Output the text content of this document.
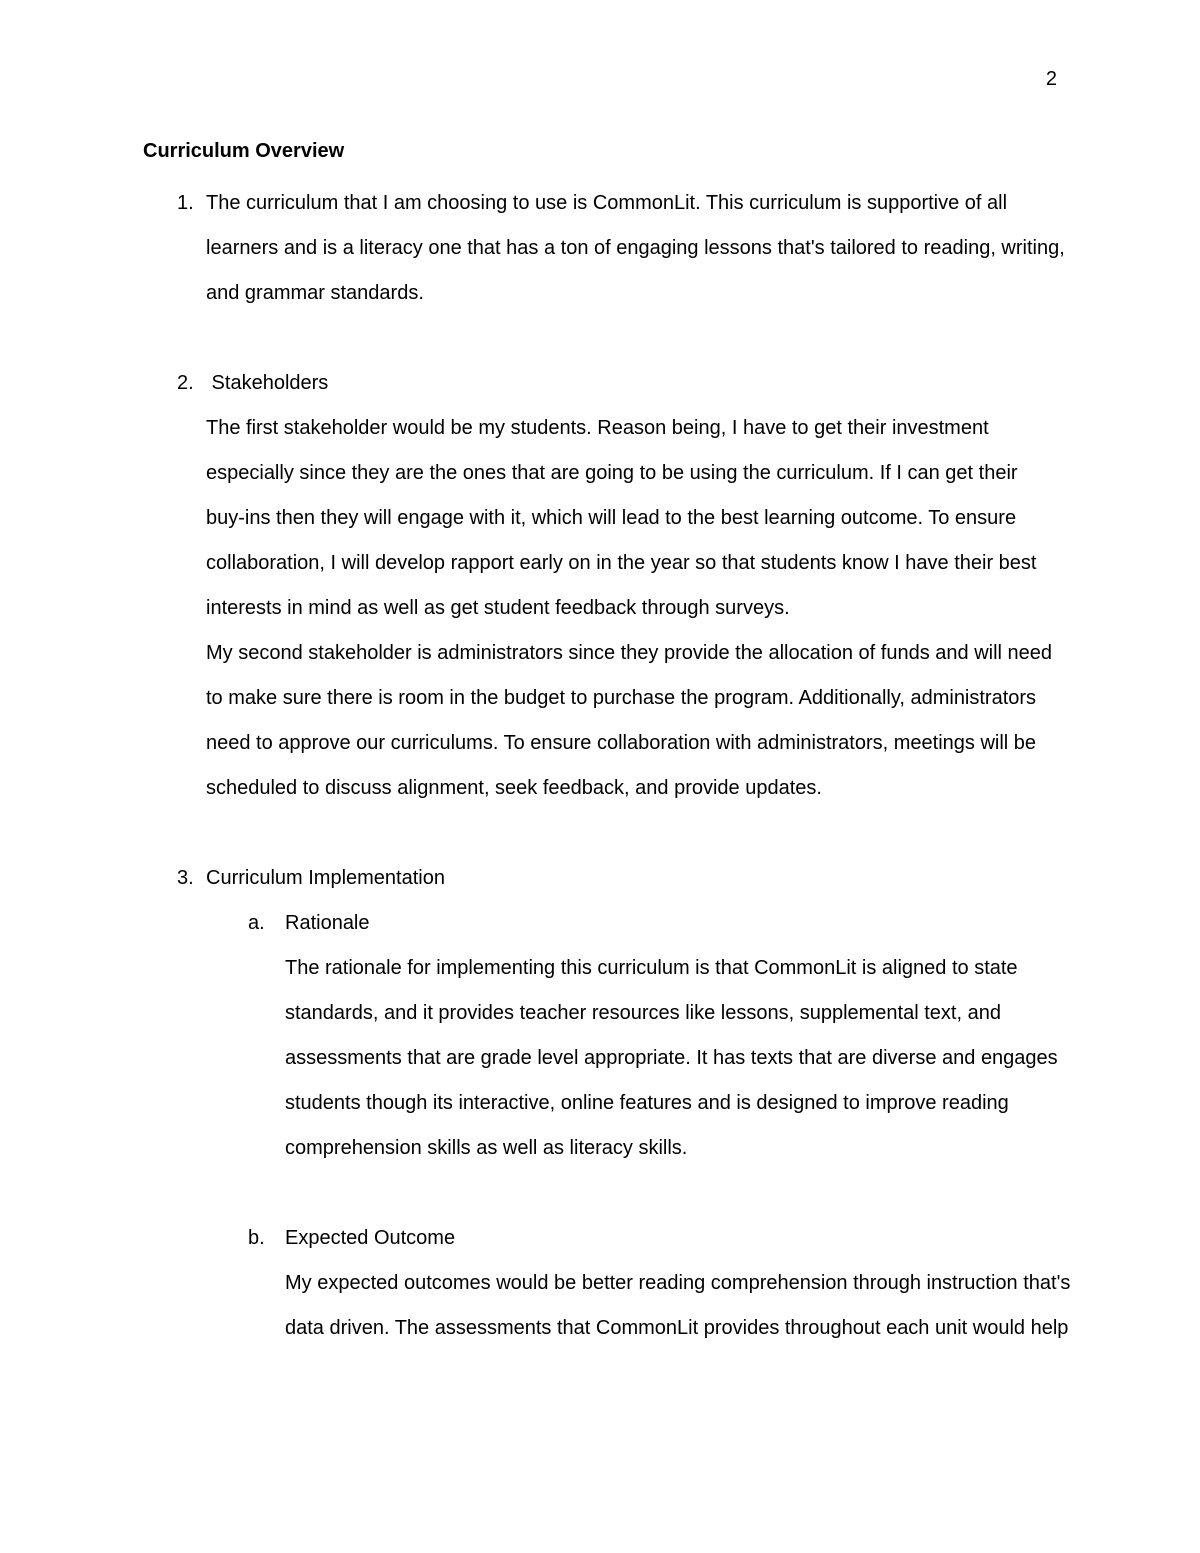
2
Curriculum Overview
1. The curriculum that I am choosing to use is CommonLit. This curriculum is supportive of all
learners and is a literacy one that has a ton of engaging lessons that's tailored to reading, writing,
and grammar standards.
2. Stakeholders
The first stakeholder would be my students. Reason being, I have to get their investment
especially since they are the ones that are going to be using the curriculum. If I can get their
buy-ins then they will engage with it, which will lead to the best learning outcome. To ensure
collaboration, I will develop rapport early on in the year so that students know I have their best
interests in mind as well as get student feedback through surveys.
My second stakeholder is administrators since they provide the allocation of funds and will need
to make sure there is room in the budget to purchase the program. Additionally, administrators
need to approve our curriculums. To ensure collaboration with administrators, meetings will be
scheduled to discuss alignment, seek feedback, and provide updates.
3. Curriculum Implementation
a. Rationale
The rationale for implementing this curriculum is that CommonLit is aligned to state
standards, and it provides teacher resources like lessons, supplemental text, and
assessments that are grade level appropriate. It has texts that are diverse and engages
students though its interactive, online features and is designed to improve reading
comprehension skills as well as literacy skills.
b. Expected Outcome
My expected outcomes would be better reading comprehension through instruction that's
data driven. The assessments that CommonLit provides throughout each unit would help
